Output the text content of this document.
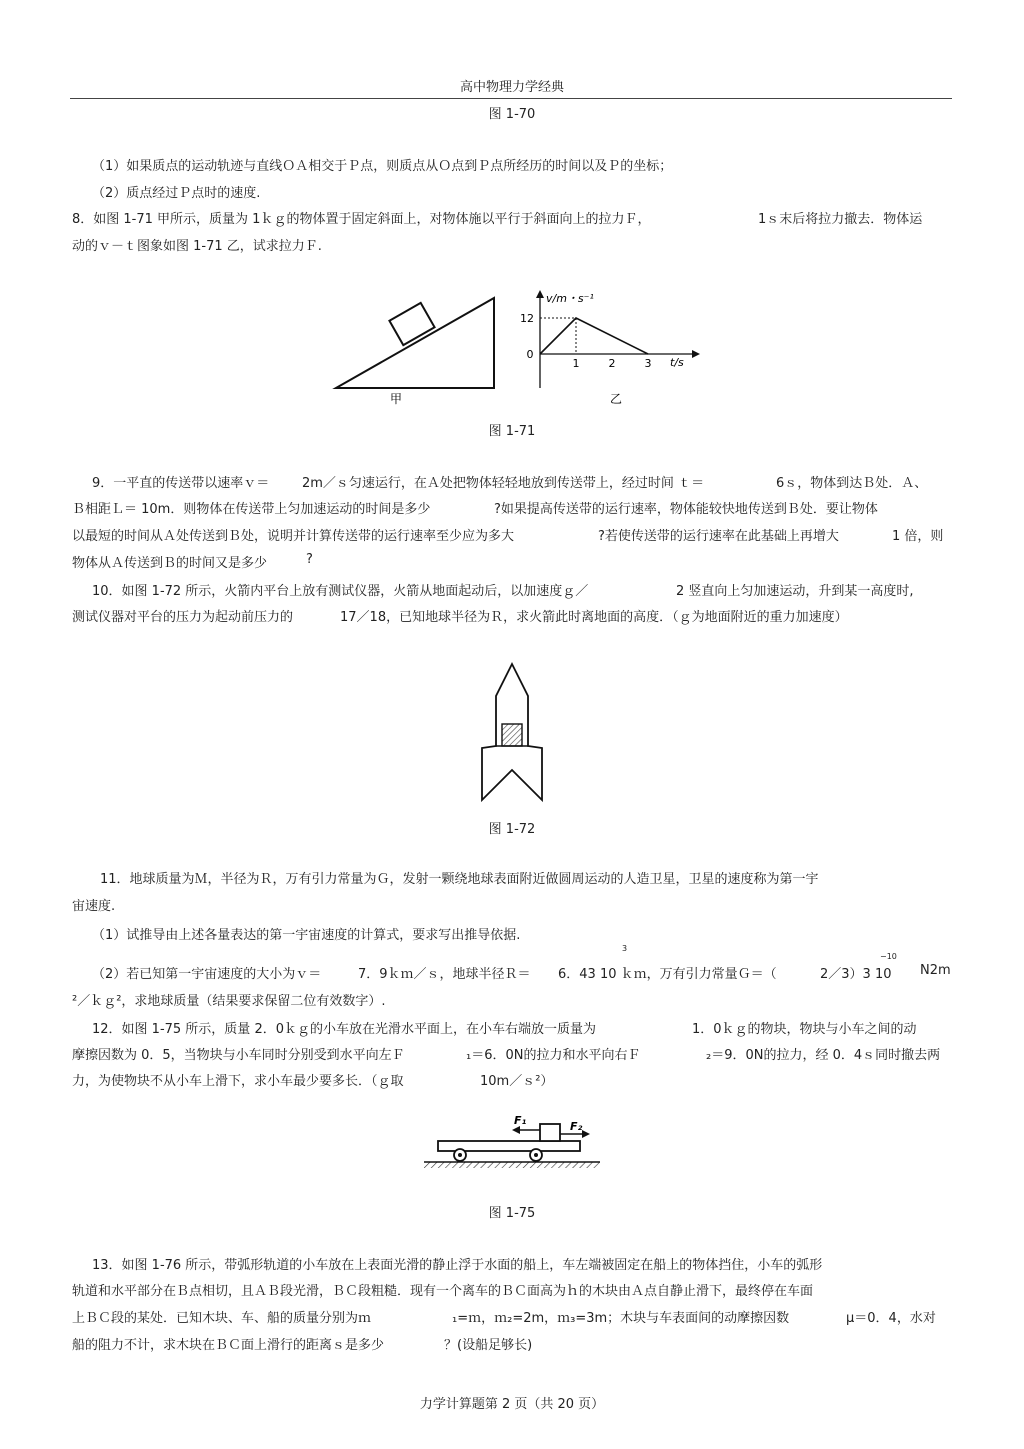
高中物理力学经典
图 1-70
（1）如果质点的运动轨迹与直线ＯＡ相交于Ｐ点，则质点从Ｏ点到Ｐ点所经历的时间以及Ｐ的坐标；
（2）质点经过Ｐ点时的速度.
8．如图 1-71 甲所示，质量为 1ｋｇ的物体置于固定斜面上，对物体施以平行于斜面向上的拉力Ｆ，	1ｓ末后将拉力撤去．物体运
动的ｖ－ｔ图象如图 1-71 乙，试求拉力Ｆ.
甲
v/m・s⁻¹
t/s
0
12
1	2	3
乙
图 1-71
9．一平直的传送带以速率ｖ＝	2m／ｓ匀速运行，在Ａ处把物体轻轻地放到传送带上，经过时间 ｔ＝	6ｓ，物体到达Ｂ处．Ａ、
Ｂ相距Ｌ＝ 10m．则物体在传送带上匀加速运动的时间是多少	?如果提高传送带的运行速率，物体能较快地传送到Ｂ处．要让物体
以最短的时间从Ａ处传送到Ｂ处，说明并计算传送带的运行速率至少应为多大	?若使传送带的运行速率在此基础上再增大	1 倍，则
物体从Ａ传送到Ｂ的时间又是多少	?
10．如图 1-72 所示，火箭内平台上放有测试仪器，火箭从地面起动后，以加速度ｇ／	2 竖直向上匀加速运动，升到某一高度时,
测试仪器对平台的压力为起动前压力的	17／18，已知地球半径为Ｒ，求火箭此时离地面的高度．（ｇ为地面附近的重力加速度）
图 1-72
11．地球质量为Ｍ，半径为Ｒ，万有引力常量为Ｇ，发射一颗绕地球表面附近做圆周运动的人造卫星，卫星的速度称为第一宇
宙速度.
（1）试推导由上述各量表达的第一宇宙速度的计算式，要求写出推导依据.
3
−10
（2）若已知第一宇宙速度的大小为ｖ＝	7．9ｋｍ／ｓ，地球半径Ｒ＝ 6．43 10 ｋｍ，万有引力常量Ｇ＝（	2／3）3 10 N2m
²／ｋｇ²，求地球质量（结果要求保留二位有效数字）.
12．如图 1-75 所示，质量 2．0ｋｇ的小车放在光滑水平面上，在小车右端放一质量为	1．0ｋｇ的物块，物块与小车之间的动
摩擦因数为 0．5，当物块与小车同时分别受到水平向左Ｆ	₁＝6．0N的拉力和水平向右Ｆ	₂＝9．0N的拉力，经 0．4ｓ同时撤去两
力，为使物块不从小车上滑下，求小车最少要多长．（ｇ取	10m／ｓ²）
F₁	F₂
图 1-75
13．如图 1-76 所示，带弧形轨道的小车放在上表面光滑的静止浮于水面的船上，车左端被固定在船上的物体挡住，小车的弧形
轨道和水平部分在Ｂ点相切，且ＡＢ段光滑，ＢＣ段粗糙．现有一个离车的ＢＣ面高为ｈ的木块由Ａ点自静止滑下，最终停在车面
上ＢＣ段的某处．已知木块、车、船的质量分别为ｍ	₁=ｍ，ｍ₂=2m，ｍ₃=3m；木块与车表面间的动摩擦因数	μ＝0．4，水对
船的阻力不计，求木块在ＢＣ面上滑行的距离ｓ是多少	？(设船足够长)
力学计算题第 2 页（共 20 页）
